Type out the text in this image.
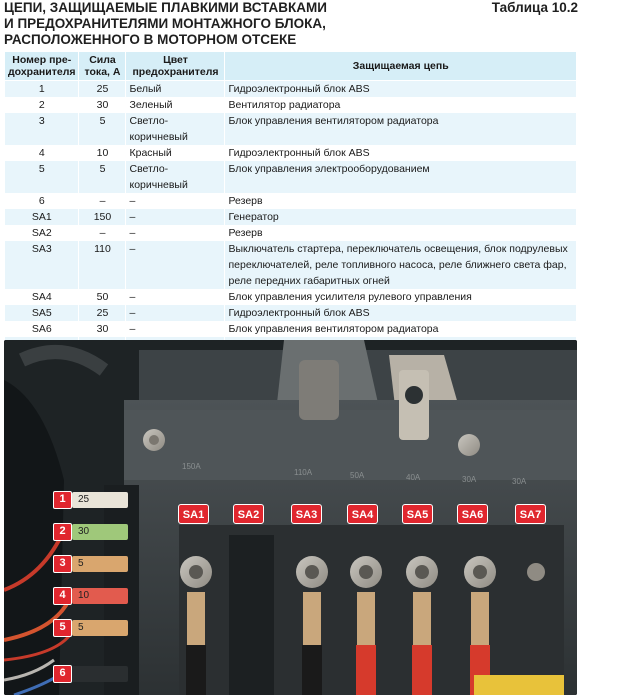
ЦЕПИ, ЗАЩИЩАЕМЫЕ ПЛАВКИМИ ВСТАВКАМИ
И ПРЕДОХРАНИТЕЛЯМИ МОНТАЖНОГО БЛОКА,
РАСПОЛОЖЕННОГО В МОТОРНОМ ОТСЕКЕ
Таблица 10.2
Номер пре-дохранителя	Сила тока, А	Цвет предохранителя	Защищаемая цепь
1	25	Белый	Гидроэлектронный блок ABS
2	30	Зеленый	Вентилятор радиатора
3	5	Светло-коричневый	Блок управления вентилятором радиатора
4	10	Красный	Гидроэлектронный блок ABS
5	5	Светло-коричневый	Блок управления электрооборудованием
6	–	–	Резерв
SA1	150	–	Генератор
SA2	–	–	Резерв
SA3	110	–	Выключатель стартера, переключатель освещения, блок подрулевых переключателей, реле топливного насоса, реле ближнего света фар, реле передних габаритных огней
SA4	50	–	Блок управления усилителя рулевого управления
SA5	25	–	Гидроэлектронный блок ABS
SA6	30	–	Блок управления вентилятором радиатора

150A
110A	50A	40A	30A	30A
SA1	SA2	SA3	SA4	SA5	SA6	SA7
25
30
5
10
5
1
2
3
4
5
6
